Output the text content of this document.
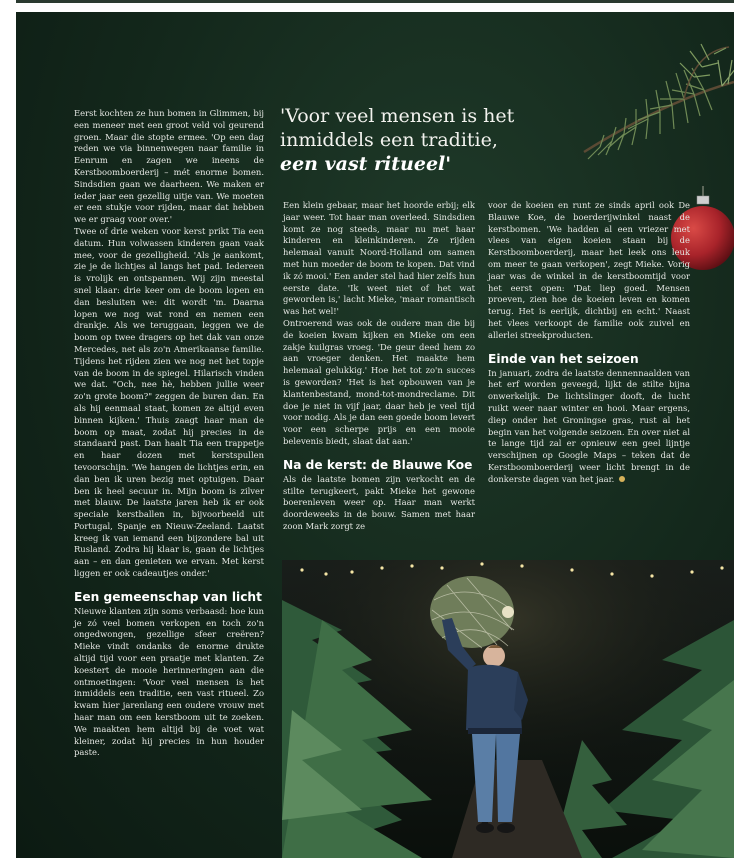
Eerst kochten ze hun bomen in Glimmen, bij een meneer met een groot veld vol geurend groen. Maar die stopte ermee. 'Op een dag reden we via binnenwegen naar familie in Eenrum en zagen we ineens de Kerstboomboerderij – mét enorme bomen. Sindsdien gaan we daarheen. We maken er ieder jaar een gezellig uitje van. We moeten er een stukje voor rijden, maar dat hebben we er graag voor over.'

Twee of drie weken voor kerst prikt Tia een datum. Hun volwassen kinderen gaan vaak mee, voor de gezelligheid. 'Als je aankomt, zie je de lichtjes al langs het pad. Iedereen is vrolijk en ontspannen. Wij zijn meestal snel klaar: drie keer om de boom lopen en dan besluiten we: dit wordt 'm. Daarna lopen we nog wat rond en nemen een drankje. Als we teruggaan, leggen we de boom op twee dragers op het dak van onze Mercedes, net als zo'n Amerikaanse familie. Tijdens het rijden zien we nog net het topje van de boom in de spiegel. Hilarisch vinden we dat. "Och, nee hè, hebben jullie weer zo'n grote boom?" zeggen de buren dan. En als hij eenmaal staat, komen ze altijd even binnen kijken.' Thuis zaagt haar man de boom op maat, zodat hij precies in de standaard past. Dan haalt Tia een trappetje en haar dozen met kerstspullen tevoorschijn. 'We hangen de lichtjes erin, en dan ben ik uren bezig met optuigen. Daar ben ik heel secuur in. Mijn boom is zilver met blauw. De laatste jaren heb ik er ook speciale kerstballen in, bijvoorbeeld uit Portugal, Spanje en Nieuw-Zeeland. Laatst kreeg ik van iemand een bijzondere bal uit Rusland. Zodra hij klaar is, gaan de lichtjes aan – en dan genieten we ervan. Met kerst liggen er ook cadeautjes onder.'

Een gemeenschap van licht

Nieuwe klanten zijn soms verbaasd: hoe kun je zó veel bomen verkopen en toch zo'n ongedwongen, gezellige sfeer creëren? Mieke vindt ondanks de enorme drukte altijd tijd voor een praatje met klanten. Ze koestert de mooie herinneringen aan die ontmoetingen: 'Voor veel mensen is het inmiddels een traditie, een vast ritueel. Zo kwam hier jarenlang een oudere vrouw met haar man om een kerstboom uit te zoeken. We maakten hem altijd bij de voet wat kleiner, zodat hij precies in hun houder paste.

'Voor veel mensen is het inmiddels een traditie,
een vast ritueel'

Een klein gebaar, maar het hoorde erbij; elk jaar weer. Tot haar man overleed. Sindsdien komt ze nog steeds, maar nu met haar kinderen en kleinkinderen. Ze rijden helemaal vanuit Noord-Holland om samen met hun moeder de boom te kopen. Dat vind ik zó mooi.' Een ander stel had hier zelfs hun eerste date. 'Ik weet niet of het wat geworden is,' lacht Mieke, 'maar romantisch was het wel!'

Ontroerend was ook de oudere man die bij de koeien kwam kijken en Mieke om een zakje kuilgras vroeg. 'De geur deed hem zo aan vroeger denken. Het maakte hem helemaal gelukkig.' Hoe het tot zo'n succes is geworden? 'Het is het opbouwen van je klantenbestand, mond-tot-mondreclame. Dit doe je niet in vijf jaar, daar heb je veel tijd voor nodig. Als je dan een goede boom levert voor een scherpe prijs en een mooie belevenis biedt, slaat dat aan.'

Na de kerst: de Blauwe Koe

Als de laatste bomen zijn verkocht en de stilte terugkeert, pakt Mieke het gewone boerenleven weer op. Haar man werkt doordeweeks in de bouw. Samen met haar zoon Mark zorgt ze

voor de koeien en runt ze sinds april ook De Blauwe Koe, de boerderijwinkel naast de kerstbomen. 'We hadden al een vriezer met vlees van eigen koeien staan bij de Kerstboomboerderij, maar het leek ons leuk om meer te gaan verkopen', zegt Mieke. Vorig jaar was de winkel in de kerstboomtijd voor het eerst open: 'Dat liep goed. Mensen proeven, zien hoe de koeien leven en komen terug. Het is eerlijk, dichtbij en echt.' Naast het vlees verkoopt de familie ook zuivel en allerlei streekproducten.

Einde van het seizoen

In januari, zodra de laatste dennennaalden van het erf worden geveegd, lijkt de stilte bijna onwerkelijk. De lichtslinger dooft, de lucht ruikt weer naar winter en hooi. Maar ergens, diep onder het Groningse gras, rust al het begin van het volgende seizoen. En over niet al te lange tijd zal er opnieuw een geel lijntje verschijnen op Google Maps – teken dat de Kerstboomboerderij weer licht brengt in de donkerste dagen van het jaar.
